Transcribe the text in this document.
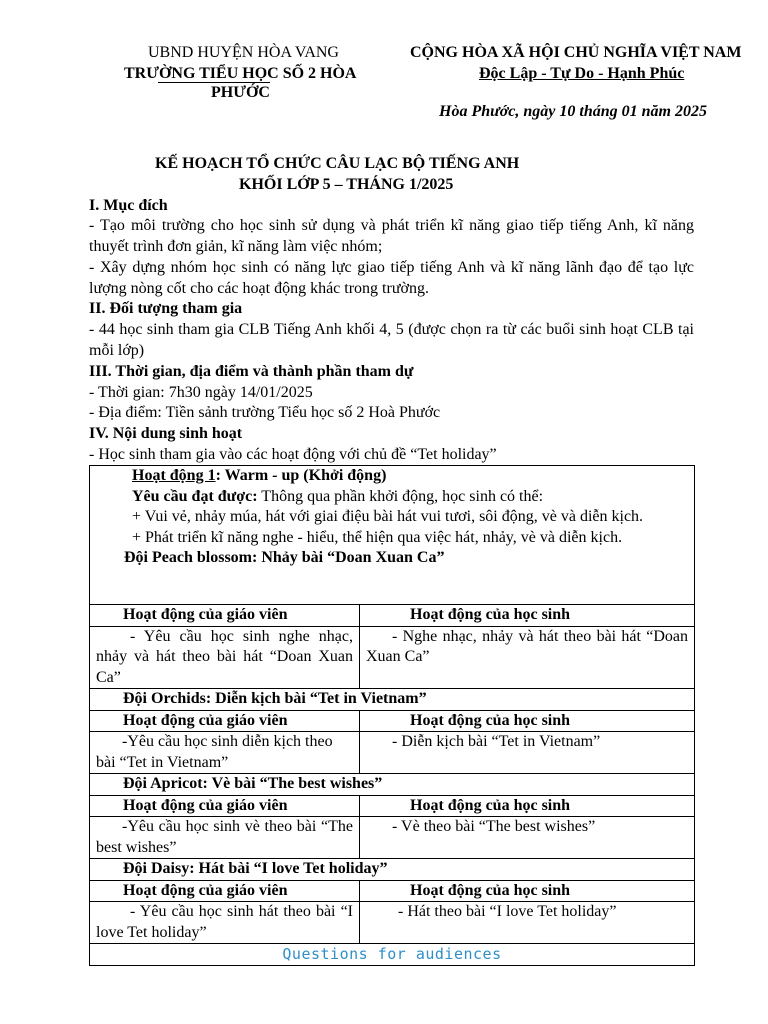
UBND HUYỆN HÒA VANG
TRƯỜNG TIỂU HỌC SỐ 2 HÒA
PHƯỚC
CỘNG HÒA XÃ HỘI CHỦ NGHĨA VIỆT NAM
Độc Lập - Tự Do - Hạnh Phúc
Hòa Phước, ngày 10 tháng 01 năm 2025
KẾ HOẠCH TỔ CHỨC CÂU LẠC BỘ TIẾNG ANH
KHỐI LỚP 5 – THÁNG 1/2025
I. Mục đích
- Tạo môi trường cho học sinh sử dụng và phát triển kĩ năng giao tiếp tiếng Anh, kĩ năng thuyết trình đơn giản, kĩ năng làm việc nhóm;
- Xây dựng nhóm học sinh có năng lực giao tiếp tiếng Anh và kĩ năng lãnh đạo để tạo lực lượng nòng cốt cho các hoạt động khác trong trường.
II. Đối tượng tham gia
- 44 học sinh tham gia CLB Tiếng Anh khối 4, 5 (được chọn ra từ các buổi sinh hoạt CLB tại mỗi lớp)
III. Thời gian, địa điểm và thành phần tham dự
- Thời gian: 7h30 ngày 14/01/2025
- Địa điểm: Tiền sảnh trường Tiểu học số 2 Hoà Phước
IV. Nội dung sinh hoạt
- Học sinh tham gia vào các hoạt động với chủ đề “Tet holiday”
Hoạt động 1: Warm - up (Khởi động)
Yêu cầu đạt được: Thông qua phần khởi động, học sinh có thể:
+ Vui vẻ, nhảy múa, hát với giai điệu bài hát vui tươi, sôi động, vè và diễn kịch.
+ Phát triển kĩ năng nghe - hiểu, thể hiện qua việc hát, nhảy, vè và diễn kịch.
Đội Peach blossom: Nhảy bài “Doan Xuan Ca”	

Hoạt động của giáo viên	Hoạt động của học sinh
- Yêu cầu học sinh nghe nhạc, nhảy và hát theo bài hát “Doan Xuan Ca”	- Nghe nhạc, nhảy và hát theo bài hát “Doan Xuan Ca”
Đội Orchids: Diễn kịch bài “Tet in Vietnam”	
Hoạt động của giáo viên	Hoạt động của học sinh
-Yêu cầu học sinh diễn kịch theo bài “Tet in Vietnam”	- Diễn kịch bài “Tet in Vietnam”
Đội Apricot: Vè bài “The best wishes”	
Hoạt động của giáo viên	Hoạt động của học sinh
-Yêu cầu học sinh vè theo bài “The best wishes”	- Vè theo bài “The best wishes”
Đội Daisy: Hát bài “I love Tet holiday”	
Hoạt động của giáo viên	Hoạt động của học sinh
- Yêu cầu học sinh hát theo bài “I love Tet holiday”	- Hát theo bài “I love Tet holiday”
Questions for audiences	
